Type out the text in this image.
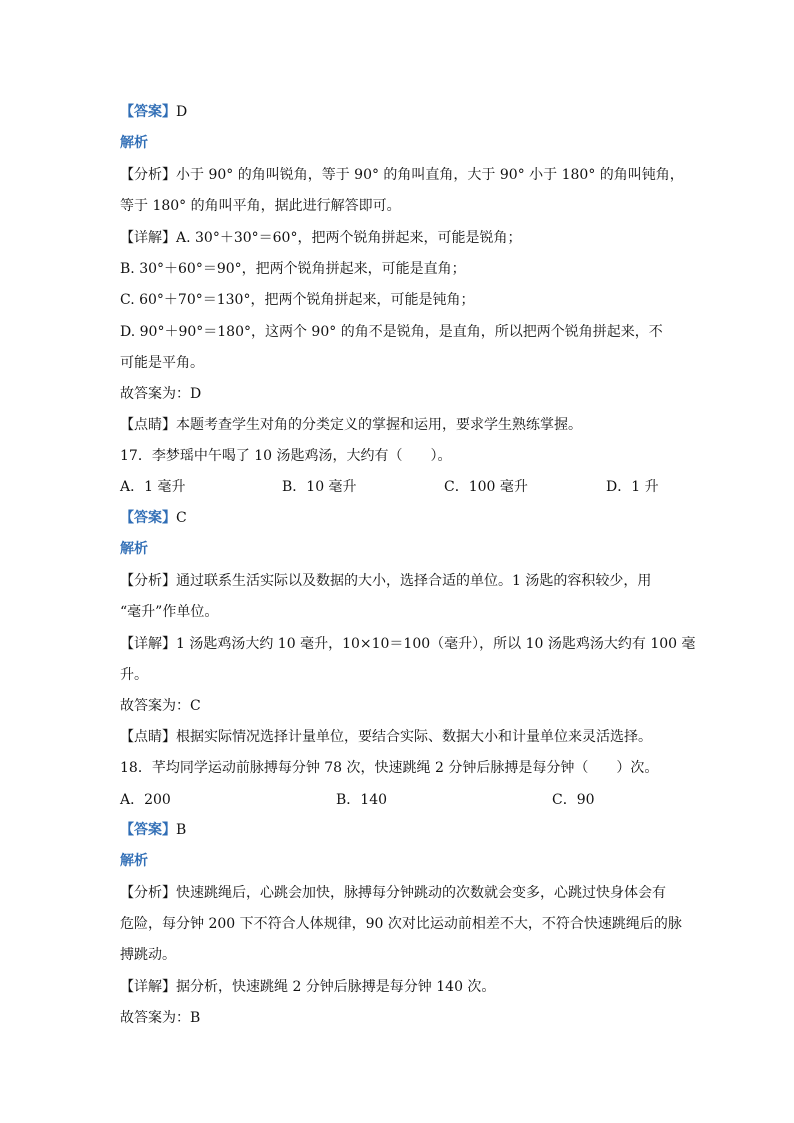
【答案】D
解析
【分析】小于 90° 的角叫锐角，等于 90° 的角叫直角，大于 90° 小于 180° 的角叫钝角，
等于 180° 的角叫平角，据此进行解答即可。
【详解】A. 30°＋30°＝60°，把两个锐角拼起来，可能是锐角；
B. 30°＋60°＝90°，把两个锐角拼起来，可能是直角；
C. 60°＋70°＝130°，把两个锐角拼起来，可能是钝角；
D. 90°＋90°＝180°，这两个 90° 的角不是锐角，是直角，所以把两个锐角拼起来，不
可能是平角。
故答案为：D
【点睛】本题考查学生对角的分类定义的掌握和运用，要求学生熟练掌握。
17．李梦瑶中午喝了 10 汤匙鸡汤，大约有（　　）。
A．1 毫升	B．10 毫升	C．100 毫升	D．1 升
【答案】C
解析
【分析】通过联系生活实际以及数据的大小，选择合适的单位。1 汤匙的容积较少，用
“毫升”作单位。
【详解】1 汤匙鸡汤大约 10 毫升，10×10＝100（毫升），所以 10 汤匙鸡汤大约有 100 毫
升。
故答案为：C
【点睛】根据实际情况选择计量单位，要结合实际、数据大小和计量单位来灵活选择。
18．芊均同学运动前脉搏每分钟 78 次，快速跳绳 2 分钟后脉搏是每分钟（　　）次。
A．200	B．140	C．90
【答案】B
解析
【分析】快速跳绳后，心跳会加快，脉搏每分钟跳动的次数就会变多，心跳过快身体会有
危险，每分钟 200 下不符合人体规律，90 次对比运动前相差不大，不符合快速跳绳后的脉
搏跳动。
【详解】据分析，快速跳绳 2 分钟后脉搏是每分钟 140 次。
故答案为：B
